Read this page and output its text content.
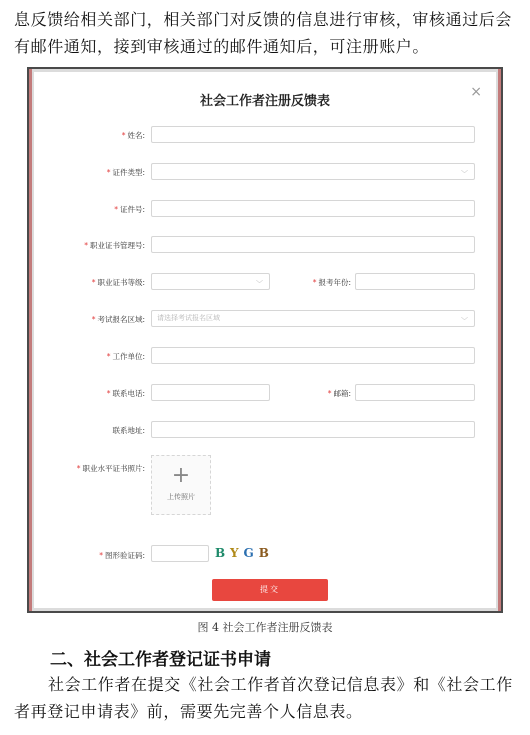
息反馈给相关部门，相关部门对反馈的信息进行审核，审核通过后会有邮件通知，接到审核通过的邮件通知后，可注册账户。
社会工作者注册反馈表
×
* 姓名:
* 证件类型:	﹀
* 证件号:
* 职业证书管理号:
* 职业证书等级:	﹀	* 报考年份:
* 考试报名区域:	请选择考试报名区域	﹀
* 工作单位:
* 联系电话:	* 邮箱:
联系地址:
* 职业水平证书照片:	+
上传照片
* 图形验证码:	BYGB
提交
图 4 社会工作者注册反馈表
二、社会工作者登记证书申请
社会工作者在提交《社会工作者首次登记信息表》和《社会工作者再登记申请表》前，需要先完善个人信息表。
